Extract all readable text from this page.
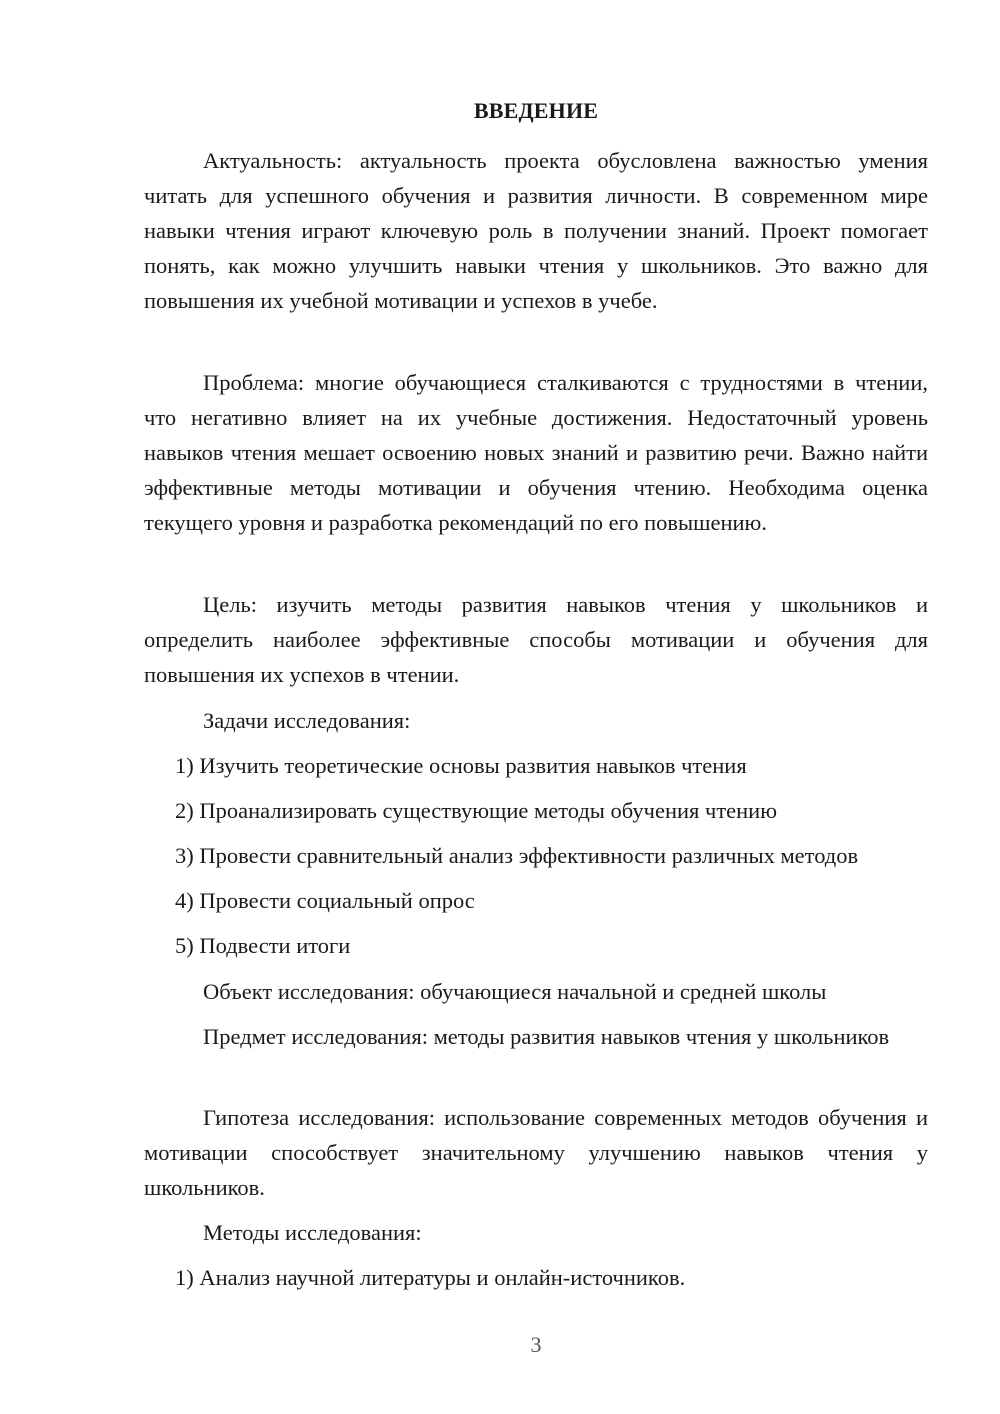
ВВЕДЕНИЕ

Актуальность: актуальность проекта обусловлена важностью умения читать для успешного обучения и развития личности. В современном мире навыки чтения играют ключевую роль в получении знаний. Проект помогает понять, как можно улучшить навыки чтения у школьников. Это важно для повышения их учебной мотивации и успехов в учебе.

Проблема: многие обучающиеся сталкиваются с трудностями в чтении, что негативно влияет на их учебные достижения. Недостаточный уровень навыков чтения мешает освоению новых знаний и развитию речи. Важно найти эффективные методы мотивации и обучения чтению. Необходима оценка текущего уровня и разработка рекомендаций по его повышению.

Цель: изучить методы развития навыков чтения у школьников и определить наиболее эффективные способы мотивации и обучения для повышения их успехов в чтении.

Задачи исследования:

1) Изучить теоретические основы развития навыков чтения

2) Проанализировать существующие методы обучения чтению

3) Провести сравнительный анализ эффективности различных методов

4) Провести социальный опрос

5) Подвести итоги

Объект исследования: обучающиеся начальной и средней школы

Предмет исследования: методы развития навыков чтения у школьников

Гипотеза исследования: использование современных методов обучения и мотивации способствует значительному улучшению навыков чтения у школьников.

Методы исследования:

1) Анализ научной литературы и онлайн-источников.

3
